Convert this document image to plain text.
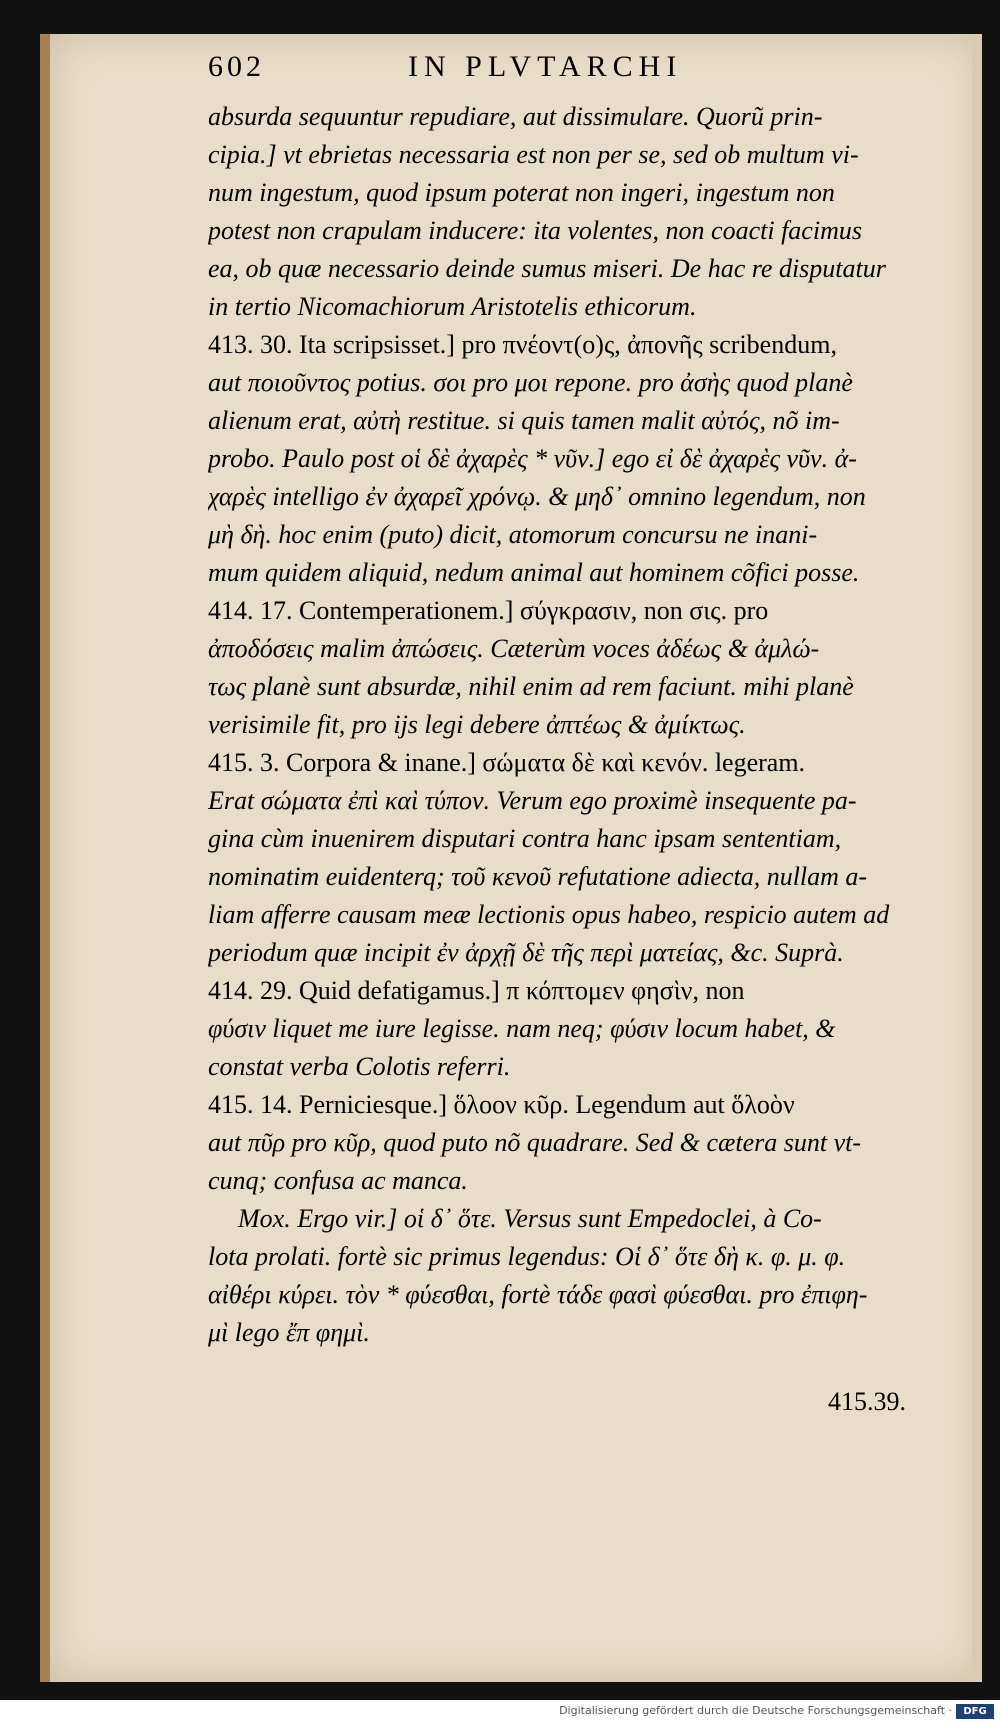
602	IN PLVTARCHI
absurda sequuntur repudiare, aut dissimulare. Quorũ prin-
cipia.] vt ebrietas necessaria est non per se, sed ob multum vi-
num ingestum, quod ipsum poterat non ingeri, ingestum non
potest non crapulam inducere: ita volentes, non coacti facimus
ea, ob quæ necessario deinde sumus miseri. De hac re disputatur
in tertio Nicomachiorum Aristotelis ethicorum.
413. 30. Ita scripsisset.] pro πνέοντ(ο)ς, ἀπονῆς scribendum,
aut ποιοῦντος potius. σοι pro μοι repone. pro ἀσὴς quod planè
alienum erat, αὐτὴ restitue. si quis tamen malit αὐτός, nõ im-
probo. Paulo post οἱ δὲ ἀχαρὲς * νῦν.] ego εἰ δὲ ἀχαρὲς νῦν. ἀ-
χαρὲς intelligo ἐν ἀχαρεῖ χρόνῳ. & μηδ᾽ omnino legendum, non
μὴ δὴ. hoc enim (puto) dicit, atomorum concursu ne inani-
mum quidem aliquid, nedum animal aut hominem cõfici posse.
414. 17. Contemperationem.] σύγκρασιν, non σις. pro
ἀποδόσεις malim ἀπώσεις. Cæterùm voces ἀδέως & ἀμλώ-
τως planè sunt absurdæ, nihil enim ad rem faciunt. mihi planè
verisimile fit, pro ijs legi debere ἀπτέως & ἀμίκτως.
415. 3. Corpora & inane.] σώματα δὲ καὶ κενόν. legeram.
Erat σώματα ἐπὶ καὶ τύπον. Verum ego proximè insequente pa-
gina cùm inuenirem disputari contra hanc ipsam sententiam,
nominatim euidenterq; τοῦ κενοῦ refutatione adiecta, nullam a-
liam afferre causam meæ lectionis opus habeo, respicio autem ad
periodum quæ incipit ἐν ἀρχῇ δὲ τῆς περὶ ματείας, &c. Suprà.
414. 29. Quid defatigamus.] π κόπτομεν φησὶν, non
φύσιν liquet me iure legisse. nam neq; φύσιν locum habet, &
constat verba Colotis referri.
415. 14. Perniciesque.] ὅλοον κῦρ. Legendum aut ὅλοὸν
aut πῦρ pro κῦρ, quod puto nõ quadrare. Sed & cætera sunt vt-
cunq; confusa ac manca.
Mox. Ergo vir.] οἱ δ᾽ ὅτε. Versus sunt Empedoclei, à Co-
lota prolati. fortè sic primus legendus: Οἱ δ᾽ ὅτε δὴ κ. φ. μ. φ.
αἰθέρι κύρει. τὸν * φύεσθαι, fortè τάδε φασὶ φύεσθαι. pro ἐπιφη-
μὶ lego ἔπ φημὶ.
415.39.
Digitalisierung gefördert durch die Deutsche Forschungsgemeinschaft ·	DFG
